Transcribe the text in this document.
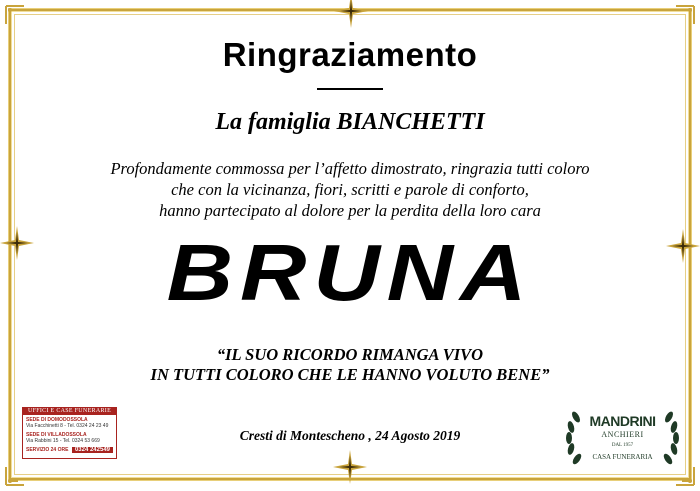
Ringraziamento
La famiglia BIANCHETTI
Profondamente commossa per l’affetto dimostrato, ringrazia tutti coloro
che con la vicinanza, fiori, scritti e parole di conforto,
hanno partecipato al dolore per la perdita della loro cara
BRUNA
“IL SUO RICORDO RIMANGA VIVO
IN TUTTI COLORO CHE LE HANNO VOLUTO BENE”
Cresti di Montescheno , 24 Agosto 2019
UFFICI E CASE FUNERARIE
SEDE DI DOMODOSSOLA
Via Facchinetti 8 - Tel. 0324 24 23 49
SEDE DI VILLADOSSOLA
Via Rabbini 15 - Tel. 0324 53 669
SERVIZIO 24 ORE	0324 242549
MANDRINI
ANCHIERI
DAL 1957
CASA FUNERARIA
